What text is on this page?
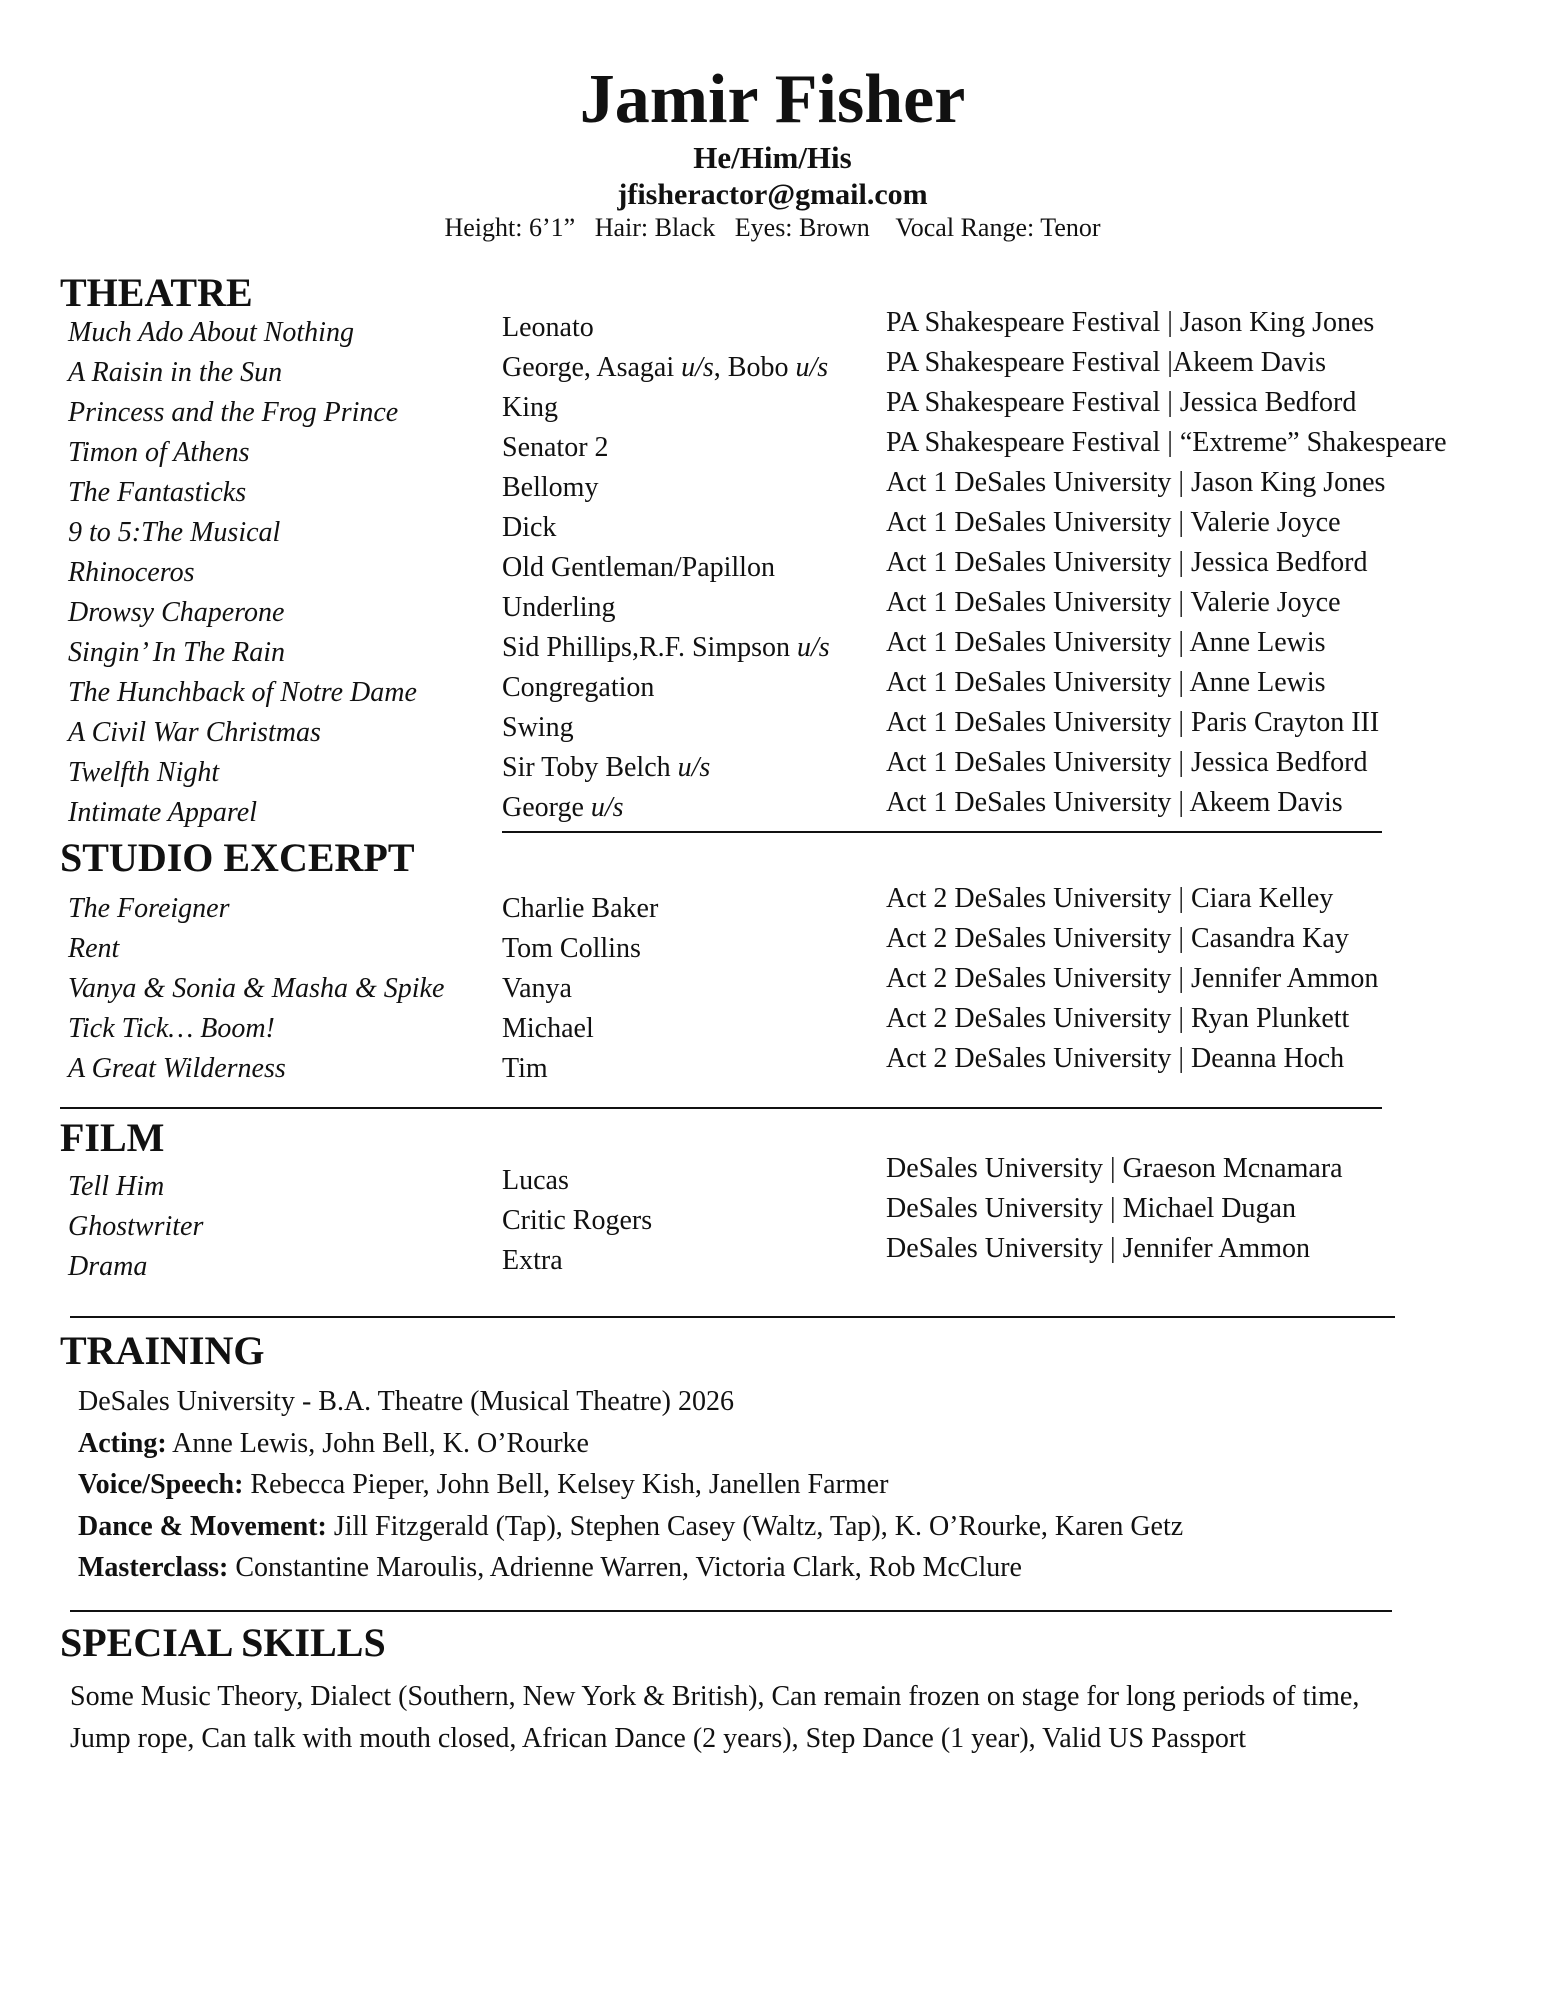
Jamir Fisher
He/Him/His
jfisheractor@gmail.com
Height: 6’1” Hair: Black Eyes: Brown Vocal Range: Tenor
THEATRE
Much Ado About Nothing
A Raisin in the Sun
Princess and the Frog Prince
Timon of Athens
The Fantasticks
9 to 5:The Musical
Rhinoceros
Drowsy Chaperone
Singin’ In The Rain
The Hunchback of Notre Dame
A Civil War Christmas
Twelfth Night
Intimate Apparel
Leonato
George, Asagai u/s, Bobo u/s
King
Senator 2
Bellomy
Dick
Old Gentleman/Papillon
Underling
Sid Phillips,R.F. Simpson u/s
Congregation
Swing
Sir Toby Belch u/s
George u/s
PA Shakespeare Festival | Jason King Jones
PA Shakespeare Festival |Akeem Davis
PA Shakespeare Festival | Jessica Bedford
PA Shakespeare Festival | “Extreme” Shakespeare
Act 1 DeSales University | Jason King Jones
Act 1 DeSales University | Valerie Joyce
Act 1 DeSales University | Jessica Bedford
Act 1 DeSales University | Valerie Joyce
Act 1 DeSales University | Anne Lewis
Act 1 DeSales University | Anne Lewis
Act 1 DeSales University | Paris Crayton III
Act 1 DeSales University | Jessica Bedford
Act 1 DeSales University | Akeem Davis
STUDIO EXCERPT
The Foreigner
Rent
Vanya & Sonia & Masha & Spike
Tick Tick… Boom!
A Great Wilderness
Charlie Baker
Tom Collins
Vanya
Michael
Tim
Act 2 DeSales University | Ciara Kelley
Act 2 DeSales University | Casandra Kay
Act 2 DeSales University | Jennifer Ammon
Act 2 DeSales University | Ryan Plunkett
Act 2 DeSales University | Deanna Hoch
FILM
Tell Him
Ghostwriter
Drama
Lucas
Critic Rogers
Extra
DeSales University | Graeson Mcnamara
DeSales University | Michael Dugan
DeSales University | Jennifer Ammon
TRAINING
DeSales University - B.A. Theatre (Musical Theatre) 2026
Acting: Anne Lewis, John Bell, K. O’Rourke
Voice/Speech: Rebecca Pieper, John Bell, Kelsey Kish, Janellen Farmer
Dance & Movement: Jill Fitzgerald (Tap), Stephen Casey (Waltz, Tap), K. O’Rourke, Karen Getz
Masterclass: Constantine Maroulis, Adrienne Warren, Victoria Clark, Rob McClure
SPECIAL SKILLS
Some Music Theory, Dialect (Southern, New York & British), Can remain frozen on stage for long periods of time, Jump rope, Can talk with mouth closed, African Dance (2 years), Step Dance (1 year), Valid US Passport
